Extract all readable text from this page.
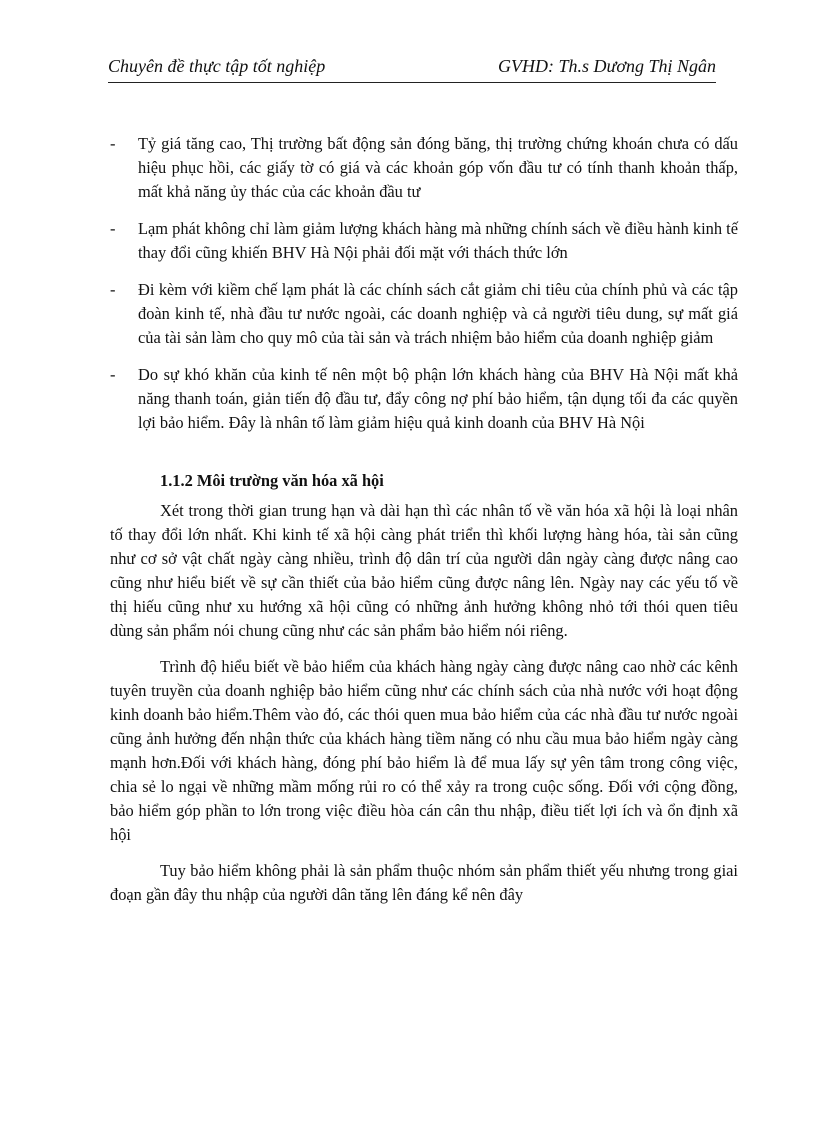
Chuyên đề thực tập tốt nghiệp	GVHD: Th.s Dương Thị Ngân
- Tỷ giá tăng cao, Thị trường bất động sản đóng băng, thị trường chứng khoán chưa có dấu hiệu phục hồi, các giấy tờ có giá và các khoản góp vốn đầu tư có tính thanh khoản thấp, mất khả năng ủy thác của các khoản đầu tư
- Lạm phát không chỉ làm giảm lượng khách hàng mà những chính sách về điều hành kinh tế thay đổi cũng khiến BHV Hà Nội phải đối mặt với thách thức lớn
- Đi kèm với kiềm chế lạm phát là các chính sách cắt giảm chi tiêu của chính phủ và các tập đoàn kinh tế, nhà đầu tư nước ngoài, các doanh nghiệp và cả người tiêu dung, sự mất giá của tài sản làm cho quy mô của tài sản và trách nhiệm bảo hiểm của doanh nghiệp giảm
- Do sự khó khăn của kinh tế nên một bộ phận lớn khách hàng của BHV Hà Nội mất khả năng thanh toán, giản tiến độ đầu tư, đẩy công nợ phí bảo hiểm, tận dụng tối đa các quyền lợi bảo hiểm. Đây là nhân tố làm giảm hiệu quả kinh doanh của BHV Hà Nội
1.1.2 Môi trường văn hóa xã hội

Xét trong thời gian trung hạn và dài hạn thì các nhân tố về văn hóa xã hội là loại nhân tố thay đổi lớn nhất. Khi kinh tế xã hội càng phát triển thì khối lượng hàng hóa, tài sản cũng như cơ sở vật chất ngày càng nhiều, trình độ dân trí của người dân ngày càng được nâng cao cũng như hiểu biết về sự cần thiết của bảo hiểm cũng được nâng lên. Ngày nay các yếu tố về thị hiếu cũng như xu hướng xã hội cũng có những ảnh hưởng không nhỏ tới thói quen tiêu dùng sản phẩm nói chung cũng như các sản phẩm bảo hiểm nói riêng.

Trình độ hiểu biết về bảo hiểm của khách hàng ngày càng được nâng cao nhờ các kênh tuyên truyền của doanh nghiệp bảo hiểm cũng như các chính sách của nhà nước với hoạt động kinh doanh bảo hiểm.Thêm vào đó, các thói quen mua bảo hiểm của các nhà đầu tư nước ngoài cũng ảnh hưởng đến nhận thức của khách hàng tiềm năng có nhu cầu mua bảo hiểm ngày càng mạnh hơn.Đối với khách hàng, đóng phí bảo hiểm là để mua lấy sự yên tâm trong công việc, chia sẻ lo ngại về những mầm mống rủi ro có thể xảy ra trong cuộc sống. Đối với cộng đồng, bảo hiểm góp phần to lớn trong việc điều hòa cán cân thu nhập, điều tiết lợi ích và ổn định xã hội

Tuy bảo hiểm không phải là sản phẩm thuộc nhóm sản phẩm thiết yếu nhưng trong giai đoạn gần đây thu nhập của người dân tăng lên đáng kể nên đây
